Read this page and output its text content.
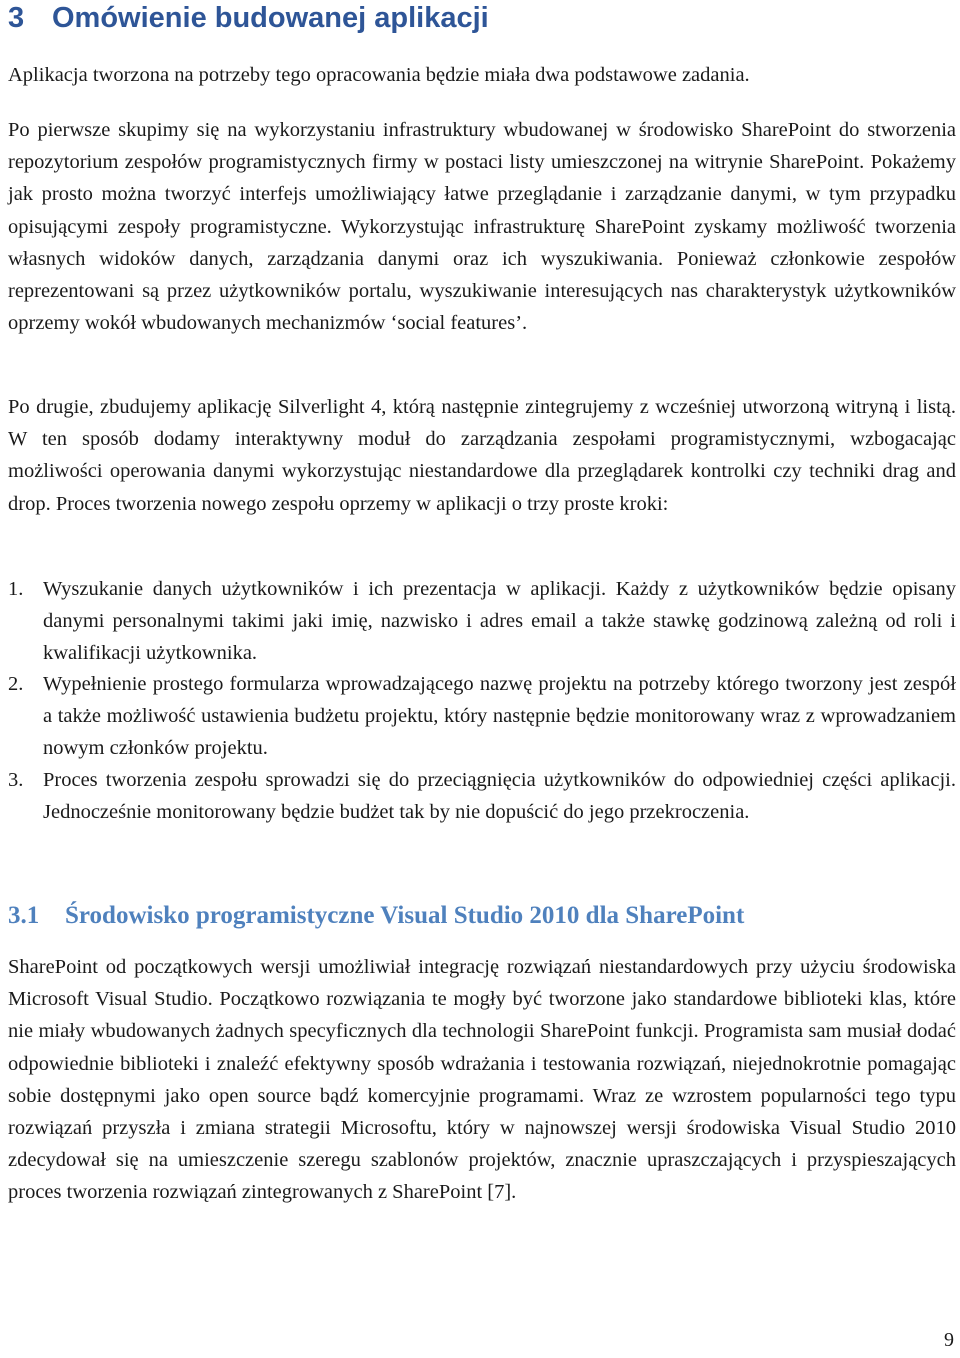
3 Omówienie budowanej aplikacji

Aplikacja tworzona na potrzeby tego opracowania będzie miała dwa podstawowe zadania.

Po pierwsze skupimy się na wykorzystaniu infrastruktury wbudowanej w środowisko SharePoint do stworzenia repozytorium zespołów programistycznych firmy w postaci listy umieszczonej na witrynie SharePoint. Pokażemy jak prosto można tworzyć interfejs umożliwiający łatwe przeglądanie i zarządzanie danymi, w tym przypadku opisującymi zespoły programistyczne. Wykorzystując infrastrukturę SharePoint zyskamy możliwość tworzenia własnych widoków danych, zarządzania danymi oraz ich wyszukiwania. Ponieważ członkowie zespołów reprezentowani są przez użytkowników portalu, wyszukiwanie interesujących nas charakterystyk użytkowników oprzemy wokół wbudowanych mechanizmów ‘social features’.

Po drugie, zbudujemy aplikację Silverlight 4, którą następnie zintegrujemy z wcześniej utworzoną witryną i listą. W ten sposób dodamy interaktywny moduł do zarządzania zespołami programistycznymi, wzbogacając możliwości operowania danymi wykorzystując niestandardowe dla przeglądarek kontrolki czy techniki drag and drop. Proces tworzenia nowego zespołu oprzemy w aplikacji o trzy proste kroki:

1. Wyszukanie danych użytkowników i ich prezentacja w aplikacji. Każdy z użytkowników będzie opisany danymi personalnymi takimi jaki imię, nazwisko i adres email a także stawkę godzinową zależną od roli i kwalifikacji użytkownika.
2. Wypełnienie prostego formularza wprowadzającego nazwę projektu na potrzeby którego tworzony jest zespół a także możliwość ustawienia budżetu projektu, który następnie będzie monitorowany wraz z wprowadzaniem nowym członków projektu.
3. Proces tworzenia zespołu sprowadzi się do przeciągnięcia użytkowników do odpowiedniej części aplikacji. Jednocześnie monitorowany będzie budżet tak by nie dopuścić do jego przekroczenia.
3.1 Środowisko programistyczne Visual Studio 2010 dla SharePoint

SharePoint od początkowych wersji umożliwiał integrację rozwiązań niestandardowych przy użyciu środowiska Microsoft Visual Studio. Początkowo rozwiązania te mogły być tworzone jako standardowe biblioteki klas, które nie miały wbudowanych żadnych specyficznych dla technologii SharePoint funkcji. Programista sam musiał dodać odpowiednie biblioteki i znaleźć efektywny sposób wdrażania i testowania rozwiązań, niejednokrotnie pomagając sobie dostępnymi jako open source bądź komercyjnie programami. Wraz ze wzrostem popularności tego typu rozwiązań przyszła i zmiana strategii Microsoftu, który w najnowszej wersji środowiska Visual Studio 2010 zdecydował się na umieszczenie szeregu szablonów projektów, znacznie upraszczających i przyspieszających proces tworzenia rozwiązań zintegrowanych z SharePoint [7].

9
